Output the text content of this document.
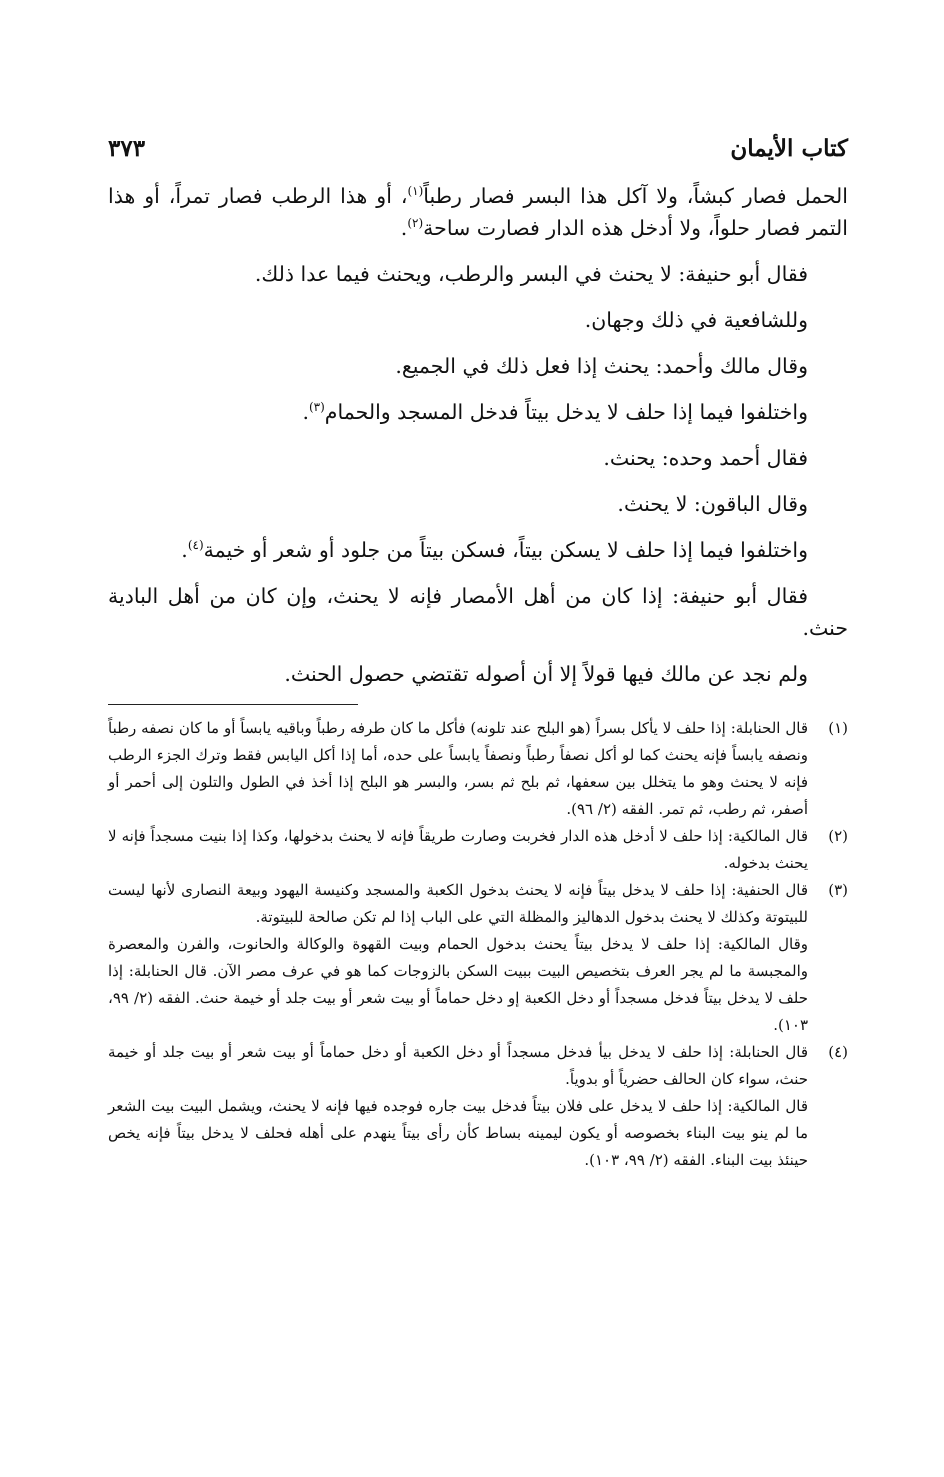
كتاب الأيمان
٣٧٣

الحمل فصار كبشاً، ولا آكل هذا البسر فصار رطباً$^{(١)}$، أو هذا الرطب فصار تمراً، أو هذا التمر فصار حلواً، ولا أدخل هذه الدار فصارت ساحة$^{(٢)}$.

فقال أبو حنيفة: لا يحنث في البسر والرطب، ويحنث فيما عدا ذلك.

وللشافعية في ذلك وجهان.

وقال مالك وأحمد: يحنث إذا فعل ذلك في الجميع.

واختلفوا فيما إذا حلف لا يدخل بيتاً فدخل المسجد والحمام$^{(٣)}$.

فقال أحمد وحده: يحنث.

وقال الباقون: لا يحنث.

واختلفوا فيما إذا حلف لا يسكن بيتاً، فسكن بيتاً من جلود أو شعر أو خيمة$^{(٤)}$.

فقال أبو حنيفة: إذا كان من أهل الأمصار فإنه لا يحنث، وإن كان من أهل البادية حنث.

ولم نجد عن مالك فيها قولاً إلا أن أصوله تقتضي حصول الحنث.

(١)

قال الحنابلة: إذا حلف لا يأكل بسراً (هو البلح عند تلونه) فأكل ما كان طرفه رطباً وباقيه يابساً أو ما كان نصفه رطباً ونصفه يابساً فإنه يحنث كما لو أكل نصفاً رطباً ونصفاً يابساً على حده، أما إذا أكل اليابس فقط وترك الجزء الرطب فإنه لا يحنث وهو ما يتخلل بين سعفها، ثم بلح ثم بسر، والبسر هو البلح إذا أخذ في الطول والتلون إلى أحمر أو أصفر، ثم رطب، ثم تمر. الفقه (٢/ ٩٦).

(٢)

قال المالكية: إذا حلف لا أدخل هذه الدار فخربت وصارت طريقاً فإنه لا يحنث بدخولها، وكذا إذا بنيت مسجداً فإنه لا يحنث بدخوله.

(٣)

قال الحنفية: إذا حلف لا يدخل بيتاً فإنه لا يحنث بدخول الكعبة والمسجد وكنيسة اليهود وبيعة النصارى لأنها ليست للبيتوتة وكذلك لا يحنث بدخول الدهاليز والمظلة التي على الباب إذا لم تكن صالحة للبيتوتة.

وقال المالكية: إذا حلف لا يدخل بيتاً يحنث بدخول الحمام وبيت القهوة والوكالة والحانوت، والفرن والمعصرة والمجبسة ما لم يجر العرف بتخصيص البيت ببيت السكن بالزوجات كما هو في عرف مصر الآن. قال الحنابلة: إذا حلف لا يدخل بيتاً فدخل مسجداً أو دخل الكعبة إو دخل حماماً أو بيت شعر أو بيت جلد أو خيمة حنث. الفقه (٢/ ٩٩، ١٠٣).

(٤)

قال الحنابلة: إذا حلف لا يدخل بيأ فدخل مسجداً أو دخل الكعبة أو دخل حماماً أو بيت شعر أو بيت جلد أو خيمة حنث، سواء كان الحالف حضرياً أو بدوياً.

قال المالكية: إذا حلف لا يدخل على فلان بيتاً فدخل بيت جاره فوجده فيها فإنه لا يحنث، ويشمل البيت بيت الشعر ما لم ينو بيت البناء بخصوصه أو يكون ليمينه بساط كأن رأى بيتاً ينهدم على أهله فحلف لا يدخل بيتاً فإنه يخص حينئذ بيت البناء. الفقه (٢/ ٩٩، ١٠٣).
